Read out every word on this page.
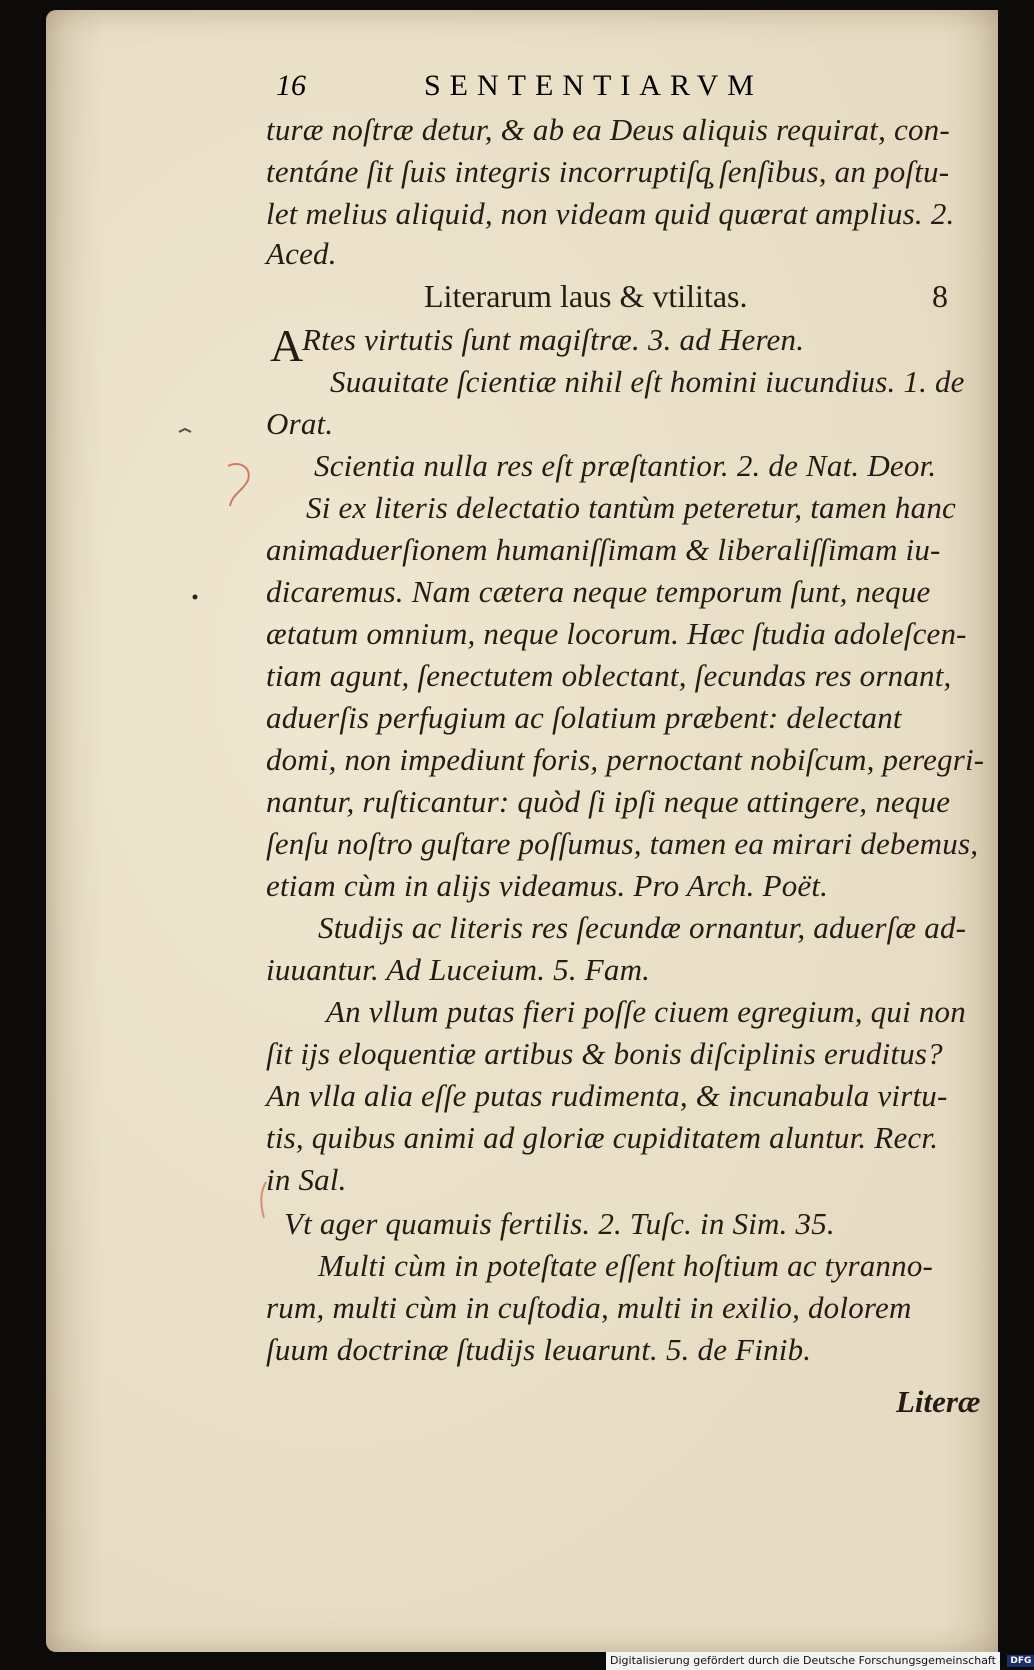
16	SENTENTIARVM
turæ noſtræ detur, & ab ea Deus aliquis requirat, con-
tentáne ſit ſuis integris incorruptiſq̧ ſenſibus, an poſtu-
let melius aliquid, non videam quid quærat amplius. 2.
Aced.
Literarum laus & vtilitas.	8
A
Rtes virtutis ſunt magiſtræ. 3. ad Heren.
Suauitate ſcientiæ nihil eſt homini iucundius. 1. de
Orat.
Scientia nulla res eſt præſtantior. 2. de Nat. Deor.
Si ex literis delectatio tantùm peteretur, tamen hanc
animaduerſionem humaniſſimam & liberaliſſimam iu-
dicaremus. Nam cætera neque temporum ſunt, neque
ætatum omnium, neque locorum. Hæc ſtudia adoleſcen-
tiam agunt, ſenectutem oblectant, ſecundas res ornant,
aduerſis perfugium ac ſolatium præbent: delectant
domi, non impediunt foris, pernoctant nobiſcum, peregri-
nantur, ruſticantur: quòd ſi ipſi neque attingere, neque
ſenſu noſtro guſtare poſſumus, tamen ea mirari debemus,
etiam cùm in alijs videamus. Pro Arch. Poët.
Studijs ac literis res ſecundæ ornantur, aduerſæ ad-
iuuantur. Ad Luceium. 5. Fam.
An vllum putas fieri poſſe ciuem egregium, qui non
ſit ijs eloquentiæ artibus & bonis diſciplinis eruditus?
An vlla alia eſſe putas rudimenta, & incunabula virtu-
tis, quibus animi ad gloriæ cupiditatem aluntur. Recr.
in Sal.
Vt ager quamuis fertilis. 2. Tuſc. in Sim. 35.
Multi cùm in poteſtate eſſent hoſtium ac tyranno-
rum, multi cùm in cuſtodia, multi in exilio, dolorem
ſuum doctrinæ ſtudijs leuarunt. 5. de Finib.
Literæ
Digitalisierung gefördert durch die Deutsche Forschungsgemeinschaft - DFG
